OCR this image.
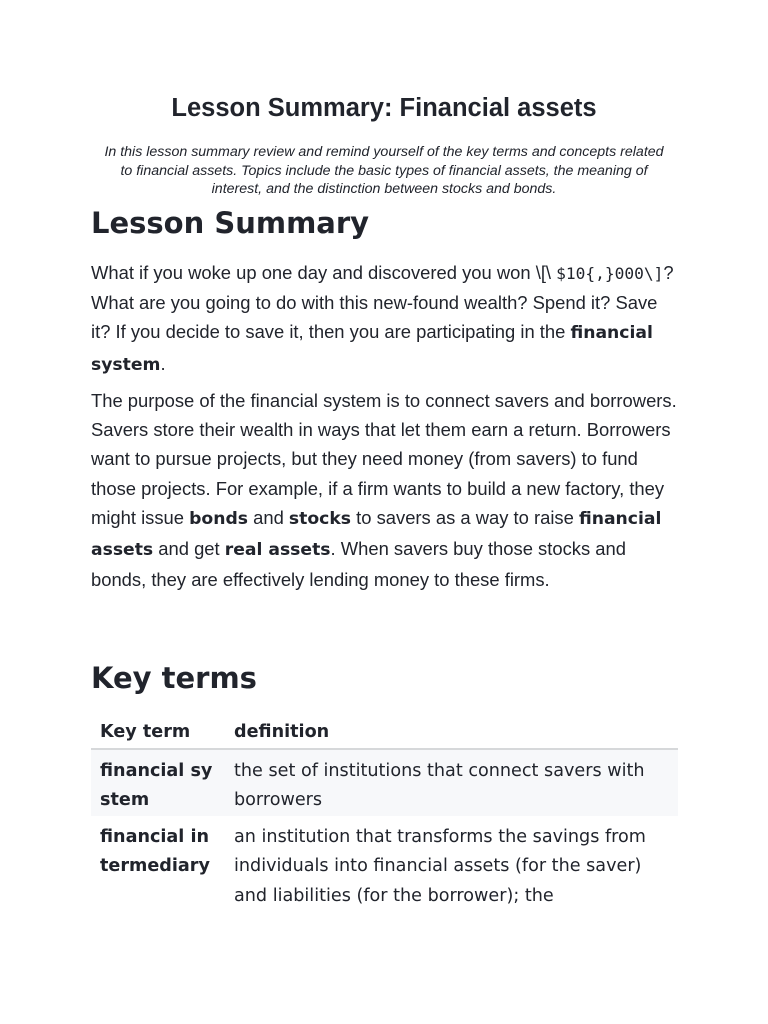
Lesson Summary: Financial assets

In this lesson summary review and remind yourself of the key terms and concepts related to financial assets. Topics include the basic types of financial assets, the meaning of interest, and the distinction between stocks and bonds.

Lesson Summary

What if you woke up one day and discovered you won \[\ $10{,}000\]? What are you going to do with this new-found wealth? Spend it? Save it? If you decide to save it, then you are participating in the financial system.

The purpose of the financial system is to connect savers and borrowers. Savers store their wealth in ways that let them earn a return. Borrowers want to pursue projects, but they need money (from savers) to fund those projects. For example, if a firm wants to build a new factory, they might issue bonds and stocks to savers as a way to raise financial assets and get real assets. When savers buy those stocks and bonds, they are effectively lending money to these firms.

Key terms
Key term	definition
financial system	the set of institutions that connect savers with borrowers
financial intermediary	an institution that transforms the savings from individuals into financial assets (for the saver) and liabilities (for the borrower); the
